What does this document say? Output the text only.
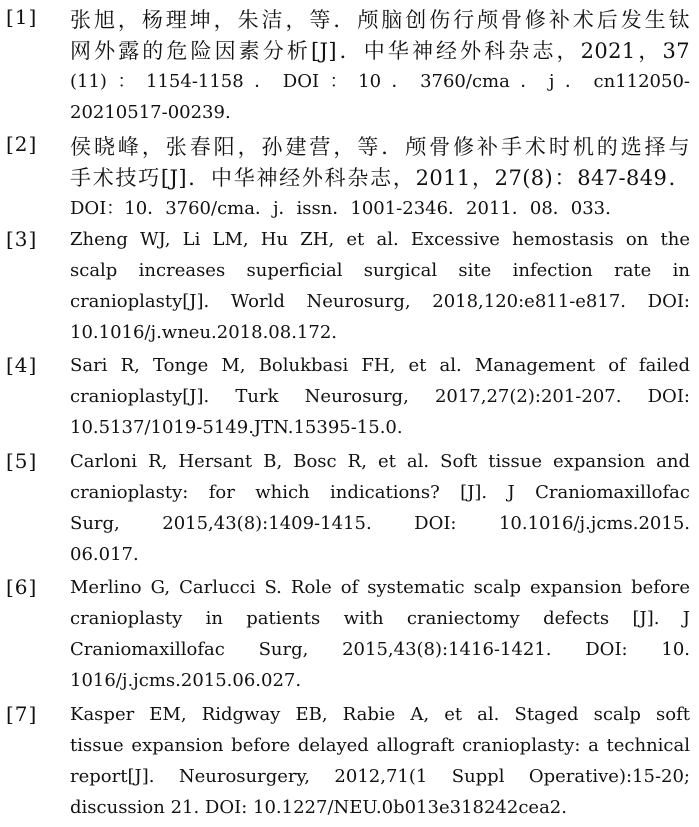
[1] 张旭，杨理坤，朱洁，等．颅脑创伤行颅骨修补术后发生钛
网外露的危险因素分析[J]．中华神经外科杂志，2021，37
(11)：1154-1158．DOI：10．3760/cma．j．cn112050-
20210517-00239.
[2] 侯晓峰，张春阳，孙建营，等．颅骨修补手术时机的选择与
手术技巧[J]．中华神经外科杂志，2011，27(8)：847-849．
DOI：10．3760/cma．j．issn．1001-2346．2011．08．033.
[3] Zheng WJ, Li LM, Hu ZH, et al. Excessive hemostasis on the
scalp increases superficial surgical site infection rate in
cranioplasty[J]. World Neurosurg, 2018,120:e811-e817. DOI:
10.1016/j.wneu.2018.08.172.
[4] Sari R, Tonge M, Bolukbasi FH, et al. Management of failed
cranioplasty[J]. Turk Neurosurg, 2017,27(2):201-207. DOI:
10.5137/1019-5149.JTN.15395-15.0.
[5] Carloni R, Hersant B, Bosc R, et al. Soft tissue expansion and
cranioplasty: for which indications? [J]. J Craniomaxillofac
Surg, 2015,43(8):1409-1415. DOI: 10.1016/j.jcms.2015.
06.017.
[6] Merlino G, Carlucci S. Role of systematic scalp expansion before
cranioplasty in patients with craniectomy defects [J]. J
Craniomaxillofac Surg, 2015,43(8):1416-1421. DOI: 10.
1016/j.jcms.2015.06.027.
[7] Kasper EM, Ridgway EB, Rabie A, et al. Staged scalp soft
tissue expansion before delayed allograft cranioplasty: a technical
report[J]. Neurosurgery, 2012,71(1 Suppl Operative):15-20;
discussion 21. DOI: 10.1227/NEU.0b013e318242cea2.
